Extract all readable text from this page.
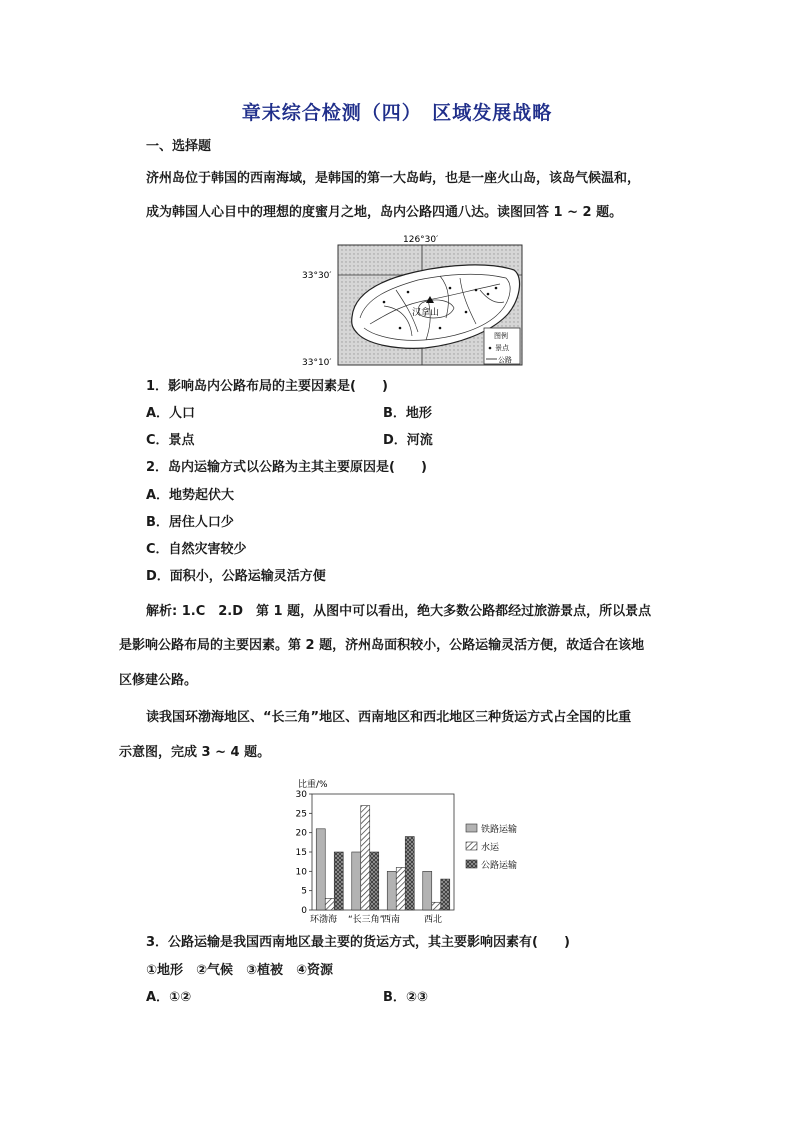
章末综合检测（四）　区域发展战略
一、选择题
济州岛位于韩国的西南海域，是韩国的第一大岛屿，也是一座火山岛，该岛气候温和，
成为韩国人心目中的理想的度蜜月之地，岛内公路四通八达。读图回答 1 ~ 2 题。
126°30′
33°30′
33°10′
汉拿山
图例
景点
公路
1．影响岛内公路布局的主要因素是(　　)
A．人口	B．地形
C．景点	D．河流
2．岛内运输方式以公路为主其主要原因是(　　)
A．地势起伏大
B．居住人口少
C．自然灾害较少
D．面积小，公路运输灵活方便
解析: 1.C　2.D　第 1 题，从图中可以看出，绝大多数公路都经过旅游景点，所以景点
是影响公路布局的主要因素。第 2 题，济州岛面积较小，公路运输灵活方便，故适合在该地
区修建公路。
读我国环渤海地区、“长三角”地区、西南地区和西北地区三种货运方式占全国的比重
示意图，完成 3 ~ 4 题。
比重/%
0
5
10
15
20
25
30
环渤海 “长三角”
西南	西北
铁路运输
水运
公路运输
3．公路运输是我国西南地区最主要的货运方式，其主要影响因素有(　　)
①地形　②气候　③植被　④资源
A．①②	B．②③
